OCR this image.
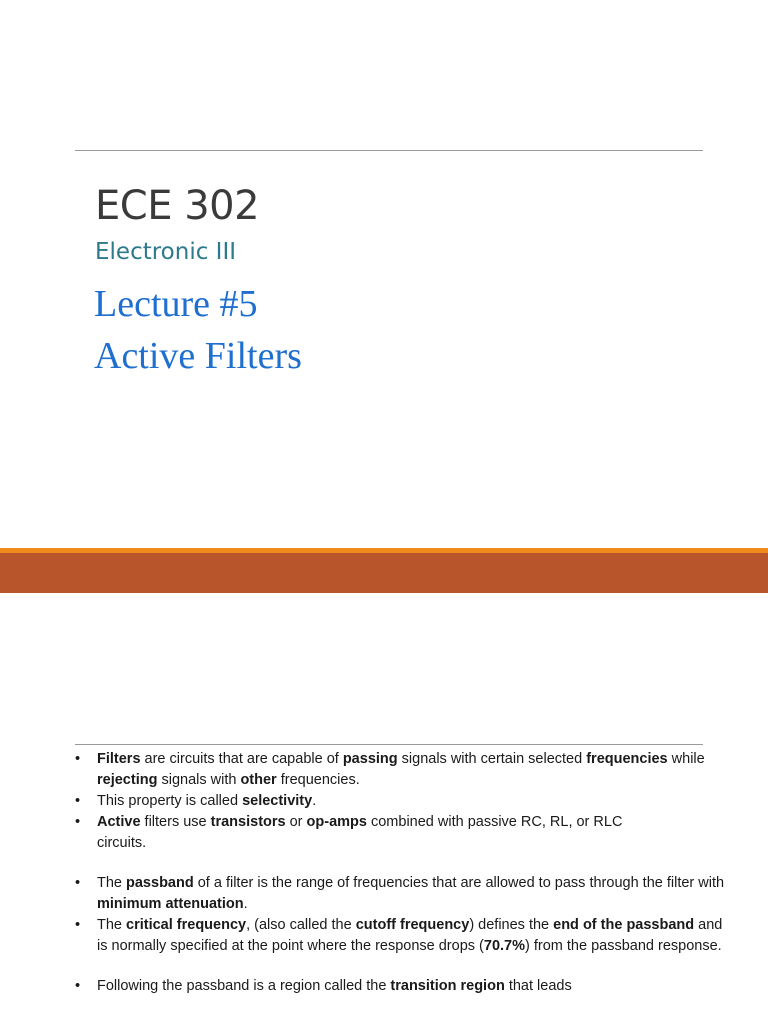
ECE 302
Electronic III
Lecture #5
Active Filters

• Filters are circuits that are capable of passing signals with certain selected frequencies while rejecting signals with other frequencies.

• This property is called selectivity.

• Active filters use transistors or op-amps combined with passive RC, RL, or RLC circuits.

• The passband of a filter is the range of frequencies that are allowed to pass through the filter with minimum attenuation.

• The critical frequency, (also called the cutoff frequency) defines the end of the passband and is normally specified at the point where the response drops (70.7%) from the passband response.

• Following the passband is a region called the transition region that leads
